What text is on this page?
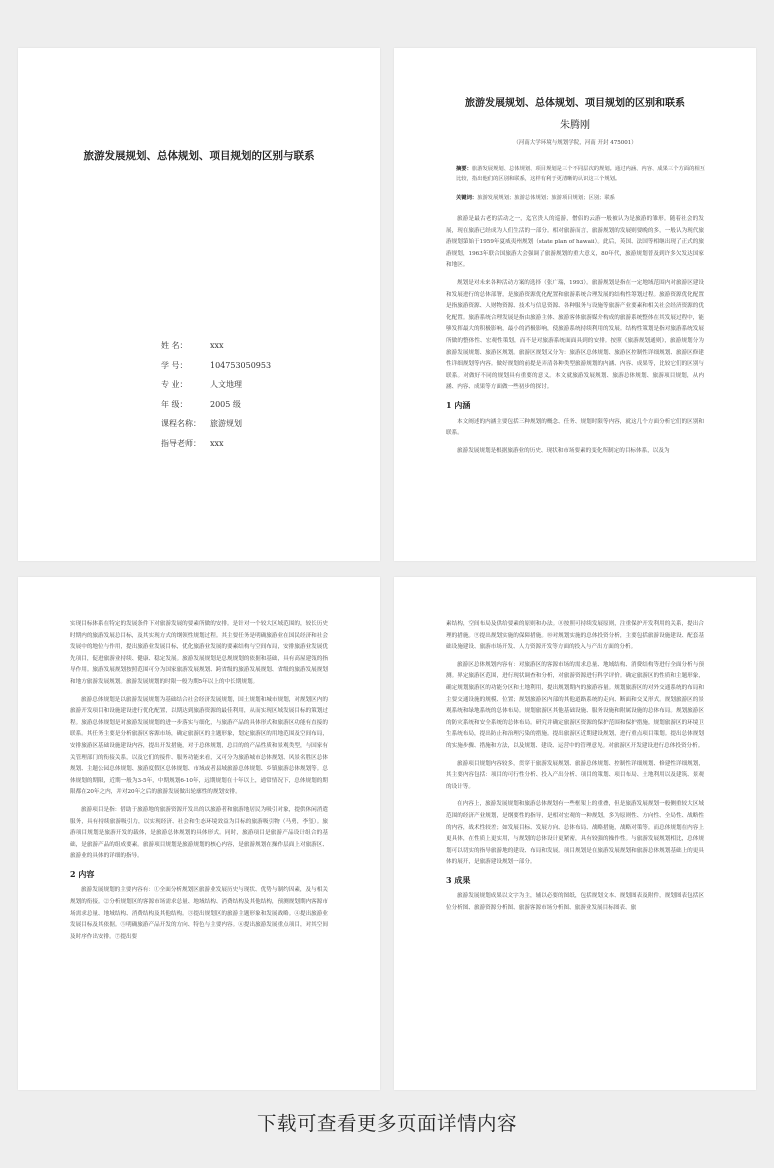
旅游发展规划、总体规划、项目规划的区别与联系
姓 名：	xxx
学 号：	104753050953
专 业：	人文地理
年 级：	2005 级
课程名称： 旅游规划
指导老师： xxx
旅游发展规划、总体规划、项目规划的区别和联系
朱腾刚
（河南大学环境与规划学院，河南 开封 475001）
摘要：旅游发展规划、总体规划、项目规划是三个不同层次的规划。通过内涵、内容、成果三个方面的相互比较，指出他们的区别和联系，这样有利于更清晰的认识这三个规划。
关键词：旅游发展规划；旅游总体规划；旅游项目规划；区别；联系

旅游是最古老的活动之一，迄官贵人的巡游，僧侣的云游一般被认为是旅游的雏形。随着社会的发展，现在旅游已经成为人们生活的一部分。相对旅游而言，旅游规划的发展则要晚的多，一般认为现代旅游规划第始于1959年夏威夷州规划（state plan of hawaii）。此后，英国、法国等相继出现了正式的旅游规划，1963年联合国旅游大会强调了旅游规划的重大意义，80年代，旅游规划普及到许多欠发达国家和地区。

规划是对未来各种活动方案的选择（张广瑞，1993）。旅游规划是指在一定地域范围内对旅游区建设和发展进行的总体部署，是旅游资源优化配置和旅游系统合理发展的结构性筹划过程。旅游资源优化配置是指旅游资源、人财物资源、技术与信息资源、各种服务与设施等旅游产业要素和相关社会经济资源的优化配置。旅游系统合理发展是指由旅游主体、旅游客体旅游媒介构成的旅游系统整体在其发展过程中，能够发挥最大的积极影响，最小的消极影响，使旅游系统持续利用的发展。结构性策划是指对旅游系统发展所做的整体性、宏观性策划，而不是对旅游系统面面具到的安排。按照《旅游规划通则》，旅游规划分为旅游发展规划、旅游区规划。旅游区规划又分为：旅游区总体规划、旅游区控制性详细规划、旅游区修建性详细规划等内容。做好规划的前提是弄清各种类型旅游规划的内涵、内容、成果等，比较它们的区别与联系。对做好不同的规划具有重要的意义。本文就旅游发展规划、旅游总体规划、旅游项目规划，从内涵、内容、成果等方面做一些初步的探讨。

1 内涵

本文阐述的内涵主要包括三种规划的概念、任务、规划时限等内容，就这几个方面分析它们的区别和联系。

旅游发展规划是根据旅游业的历史、现状和市场要素的变化所制定的目标体系，以及为

实现目标体系在特定的发展条件下对旅游发展的要素所做的安排。是针对一个较大区域范围的，较长历史时期内的旅游发展总目标，及其实现方式的纲领性规划过程。其主要任务是明确旅游业在国民经济和社会发展中的地位与作用，提出旅游业发展目标，优化旅游业发展的要素结构与空间布局，安排旅游业发展优先项目，促进旅游业持续、健康、稳定发展。旅游发展规划是总规规划的依据和基础，具有高屋建瓴的指导作用。旅游发展规划按照范围可分为国家旅游发展规划、跨省级的旅游发展规划、省级的旅游发展规划和地方旅游发展规划。旅游发展规划的时限一般为期5年以上的中长期规划。

旅游总体规划是以旅游发展规划为基础结合社会经济发展规划，国土规划和城市规划，对规划区内的旅游开发项目和设施建设进行优化配置，以期达到旅游资源的最佳利用，从而实现区域发展目标的策划过程。旅游总体规划是对旅游发展规划的进一步落实与细化，与旅游产品的具体形式和旅游区功能有直接的联系。其任务主要是分析旅游区客源市场，确定旅游区的主题形象，划定旅游区的用地范围及空间布局，安排旅游区基础设施建设内容，提出开发措施，对于总体规划，总目的的产品性质和景观类型，与国家有关管理部门的衔接关系，以及它们的接件、服务功能来看，又可分为旅游城市总体规划、风景名胜区总体规划、主题公园总体规划、旅游度假区总体规划、市域或者县域旅游总体规划、乡镇旅游总体规划等。总体规划的期限，近期一般为3-5年，中期规划6-10年，远期规划在十年以上，通常情况下，总体规划的期限都在20年之内，并对20年之后的旅游发展做出轮廓性的规划安排。

旅游项目是指：借助于旅游地的旅游资源开发出的以旅游者和旅游地居民为吸引对象，提供休闲消遣服务，具有持续旅游吸引力，以实现经济、社会和生态环境效益为目标的旅游吸引物（马勇，李玺）。旅游项目规划是旅游开发的载体，是旅游总体规划的具体形式。同时，旅游项目是旅游产品设计组合的基础，是旅游产品的组成要素。旅游项目规划是旅游规划的核心内容，是旅游规划在操作层面上对旅游区、旅游业的具体的详细的指导。

2 内容

旅游发展规划的主要内容有：①全面分析规划区旅游业发展历史与现状、优势与制约因素，及与相关规划的衔接。②分析规划区的客源市场需求总量、地域结构、消费结构及其他结构，预测规划期内客源市场需求总量、地域结构、消费结构及其他结构。③提出规划区的旅游主题形象和发展战略。④提出旅游业发展目标及其依据。⑤明确旅游产品开发的方向、特色与主要内容。⑥提出旅游发展重点项目，对其空间及时序作出安排。⑦提出要

素结构，空间布局及供给要素的原则和办法。⑧按照可持续发展原则，注重保护开发利用的关系，提出合理的措施。⑨提出规划实施的保障措施。⑩对规划实施的总体投资分析，主要包括旅游设施建设、配套基础设施建设、旅游市场开发、人力资源开发等方面的投入与产出方面的分析。

旅游区总体规划内容有：对旅游区的客源市场的需求总量、地域结构、消费结构等进行全面分析与预测。界定旅游区范围，进行现状调查和分析，对旅游资源进行科学评价。确定旅游区的性质和主题形象，确定规划旅游区的功能分区和土地利用，提出规划期内的旅游容量。规划旅游区的对外交通系统的布局和主要交通设施的规模、位置；规划旅游区内部的其他道路系统的走向、断面和交叉形式。规划旅游区的景观系统和绿地系统的总体布局。规划旅游区其他基础设施、服务设施和附属设施的总体布局。规划旅游区的防灾系统和安全系统的总体布局。研究并确定旅游区资源的保护范围和保护措施。规划旅游区的环境卫生系统布局，提出防止和治理污染的措施。提出旅游区近期建设规划，进行重点项目策划。提出总体规划的实施步骤、措施和方法，以及规划、建设、运营中的管理意见。对旅游区开发建设进行总体投资分析。

旅游项目规划内容较多，贯穿于旅游发展规划、旅游总体规划、控制性详细规划、修建性详细规划，其主要内容包括：项目的可行性分析、投入产出分析、项目的策划、项目布局、土地利用以及建筑、景观的设计等。

在内容上，旅游发展规划和旅游总体规划有一些框架上的重叠，但是旅游发展规划一般侧重较大区域范围的经济产业规划，是纲要性的指导，是相对宏观的一种规划，多为原则性、方向性、全局性、战略性的内容，战术性较差；如发展目标、发展方向、总体布局、战略措施，战略对策等。而总体规划在内容上更具体，在性质上更实用，与规划的总体设计更紧密，具有较强的操作性。与旅游发展规划相比，总体规划可以切实的指导旅游地的建设、布局和发展。项目规划是在旅游发展规划和旅游总体规划基础上的更具体的展开，是旅游建设规划一部分。

3 成果

旅游发展规划成果以文字为主，辅以必要的图纸，包括规划文本、规划图表及附件，规划图表包括区位分析图、旅游资源分析图、旅游客源市场分析图、旅游业发展目标图表、旅

下载可查看更多页面详情内容
